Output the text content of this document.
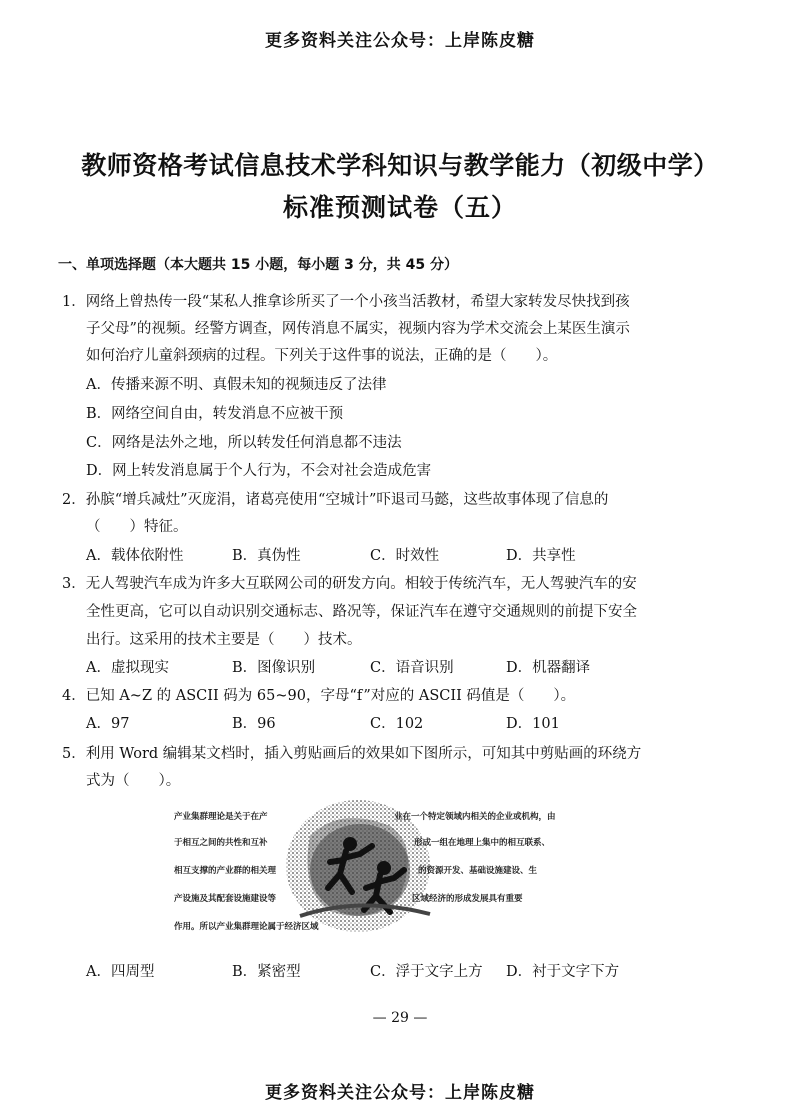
更多资料关注公众号：上岸陈皮糖
教师资格考试信息技术学科知识与教学能力（初级中学）
标准预测试卷（五）
一、单项选择题（本大题共 15 小题，每小题 3 分，共 45 分）
1．网络上曾热传一段“某私人推拿诊所买了一个小孩当活教材，希望大家转发尽快找到孩
子父母”的视频。经警方调查，网传消息不属实，视频内容为学术交流会上某医生演示
如何治疗儿童斜颈病的过程。下列关于这件事的说法，正确的是（　　）。
A．传播来源不明、真假未知的视频违反了法律
B．网络空间自由，转发消息不应被干预
C．网络是法外之地，所以转发任何消息都不违法
D．网上转发消息属于个人行为，不会对社会造成危害
2．孙膑“增兵减灶”灭庞涓，诸葛亮使用“空城计”吓退司马懿，这些故事体现了信息的
（　　）特征。
A．载体依附性	B．真伪性	C．时效性	D．共享性
3．无人驾驶汽车成为许多大互联网公司的研发方向。相较于传统汽车，无人驾驶汽车的安
全性更高，它可以自动识别交通标志、路况等，保证汽车在遵守交通规则的前提下安全
出行。这采用的技术主要是（　　）技术。
A．虚拟现实	B．图像识别	C．语音识别	D．机器翻译
4．已知 A~Z 的 ASCII 码为 65~90，字母“f”对应的 ASCII 码值是（　　）。
A．97	B．96	C．102	D．101
5．利用 Word 编辑某文档时，插入剪贴画后的效果如下图所示，可知其中剪贴画的环绕方
式为（　　）。
产业集群理论是关于在产	业在一个特定领域内相关的企业或机构，由
于相互之间的共性和互补	形成一组在地理上集中的相互联系、
相互支撑的产业群的相关理	的资源开发、基础设施建设、生
产设施及其配套设施建设等	区域经济的形成发展具有重要
作用。所以产业集群理论属于经济区域
A．四周型	B．紧密型	C．浮于文字上方 D．衬于文字下方
— 29 —
更多资料关注公众号：上岸陈皮糖
